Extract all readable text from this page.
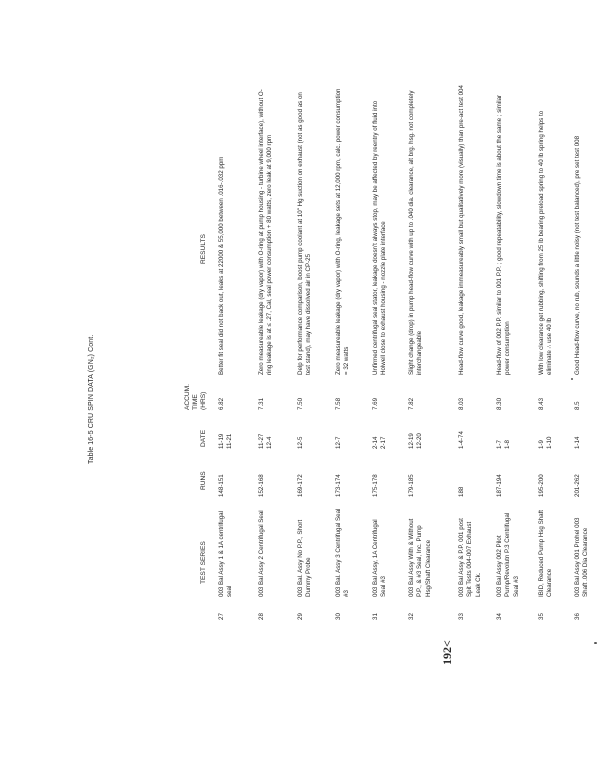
Table 16-5 CRU SPIN DATA (GN₂) Cont.
TEST SERIES
RUNS
DATE
ACCUM. TIME (HRS)
RESULTS
27
003 Bal Assy 1 & 1A centrifugal seal
148-151
11-19
11-21
6.82
Better fit seal did not back out, leaks at 22000 & 55,000 between .016-.032 ppm
28
003 Bal Assy 2 Centrifugal Seal
152-168
11-27
12-4
7.31
Zero measureable leakage (dry vapor) with O-ring at pump housing - turbine wheel interface), without O-ring leakage is at ≤ .27, Cal, seal power consumption + 80 watts, zero leak at 9,000 rpm
29
003 Bal. Assy No P.P., Short Dummy Probe
169-172
12-5
7.50
Delp for performance comparison, boost pump coolant at 10" Hg suction on exhaust (not as good as on test stand), may have dissolved air in CP-25
30
003 Bal. Assy 3 Centrifugal Seal #3
173-174
12-7
7.58
Zero measureable leakage (dry vapor) with O-ring, leakage sets at 12,000 rpm, calc. power consumption = 32 watts
31
003 Bal Assy, 1A Centrifugal Seal #3
175-178
2-14
2-17
7.69
Unfirmed centrifugal seal stator, leakage doesn't always stop, may be affected by reentry of fluid into Holwell close to exhaust housing - nozzle plate interface
32
003 Bal Assy With & Without P.P., & #3 Seal, Inc. Pump Hsg/Shaft Clearance
179-185
12-19
12-20
7.82
Slight change (drop) in pump head-flow curve with up to .040 dia. clearance, alt brg. hsg. not completely interchangeable
33
003 Bal Assy & P.P. 001 post Spit Tests 004-007 Exhaust Leak Ck.
188
1-4-74
8.03
Head-flow curve good, leakage immeasureably small but qualitatively more (visually) than pre-act test 004
34
003 Bal Assy 002 Pilot Pump/Revolutn P.3 Centrifugal Seal #3
187-194
1-7
1-8
8.30
Head-flow of 002 P.P. similar to 001 P.P. ; good repeatability, slowdown time is about the same ; similar power consumption
35
IBID, Reduced Pump Hsg Shaft Clearance
195-200
1-9
1-10
8.43
With low clearance get rubbing, shifting from 25 lb bearing preload spring to 40 lb spring helps to eliminate ∴ use 40 lb
36
003 Bal Assy 001 Prohel 003 Shaft .006 Dia Clearance
201-262
1-14
8.5
Good Head-flow curve, no rub, sounds a little noisy (not test balanced), pre set test 008
192<
